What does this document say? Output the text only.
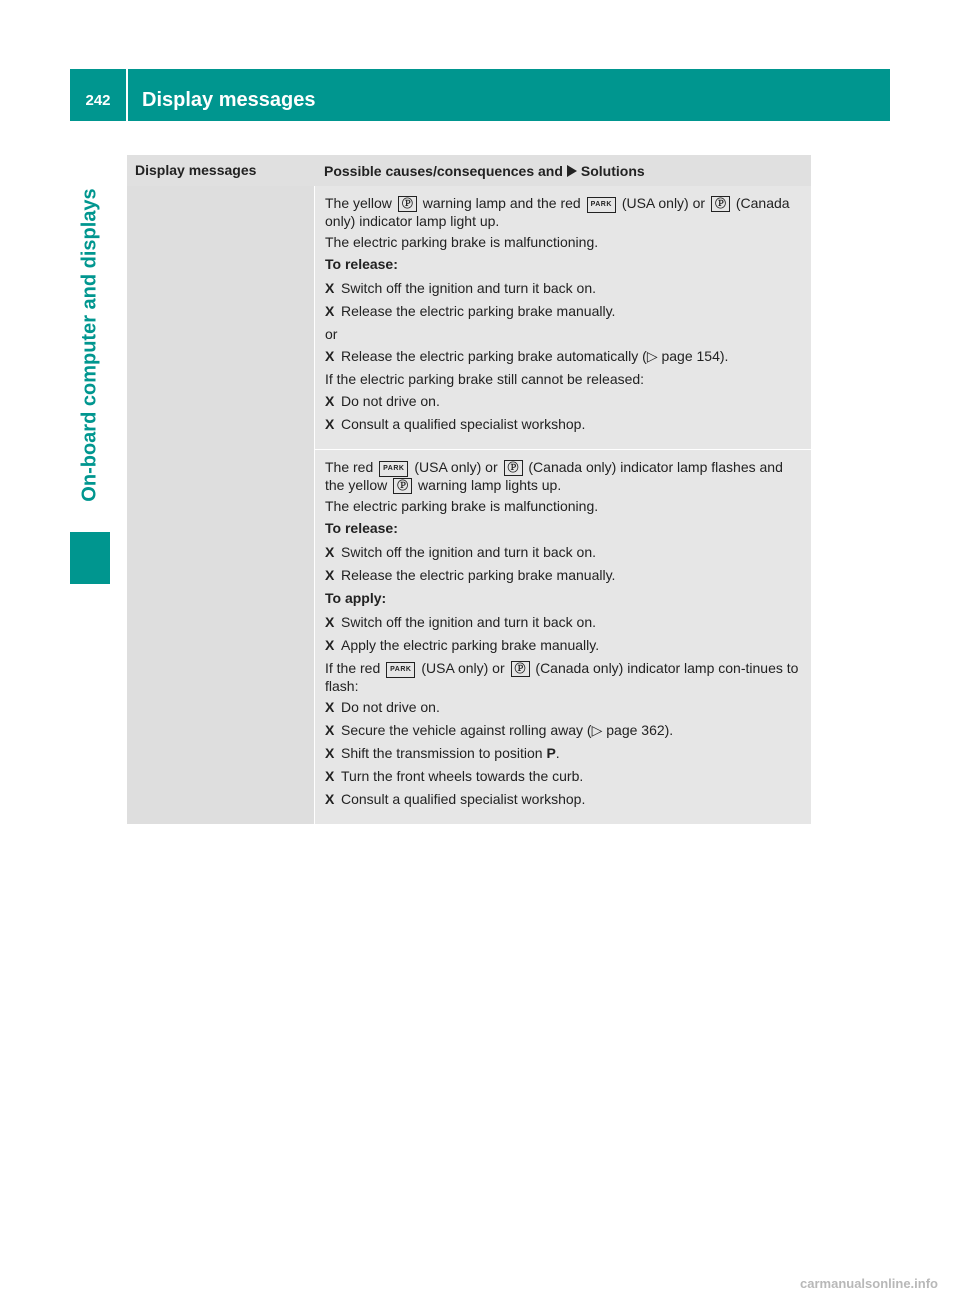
242	Display messages
On-board computer and displays
Display messages	Possible causes/consequences and Solutions

The yellow Ⓟ warning lamp and the red PARK (USA only) or Ⓟ (Canada only) indicator lamp light up.

The electric parking brake is malfunctioning.

To release:

X Switch off the ignition and turn it back on.
X Release the electric parking brake manually.

or

X Release the electric parking brake automatically (▷ page 154).

If the electric parking brake still cannot be released:

X Do not drive on.
X Consult a qualified specialist workshop.

The red PARK (USA only) or Ⓟ (Canada only) indicator lamp flashes and the yellow Ⓟ warning lamp lights up.

The electric parking brake is malfunctioning.

To release:

X Switch off the ignition and turn it back on.
X Release the electric parking brake manually.

To apply:

X Switch off the ignition and turn it back on.
X Apply the electric parking brake manually.

If the red PARK (USA only) or Ⓟ (Canada only) indicator lamp con-tinues to flash:

X Do not drive on.
X Secure the vehicle against rolling away (▷ page 362).
X Shift the transmission to position P.
X Turn the front wheels towards the curb.
X Consult a qualified specialist workshop.
carmanualsonline.info
